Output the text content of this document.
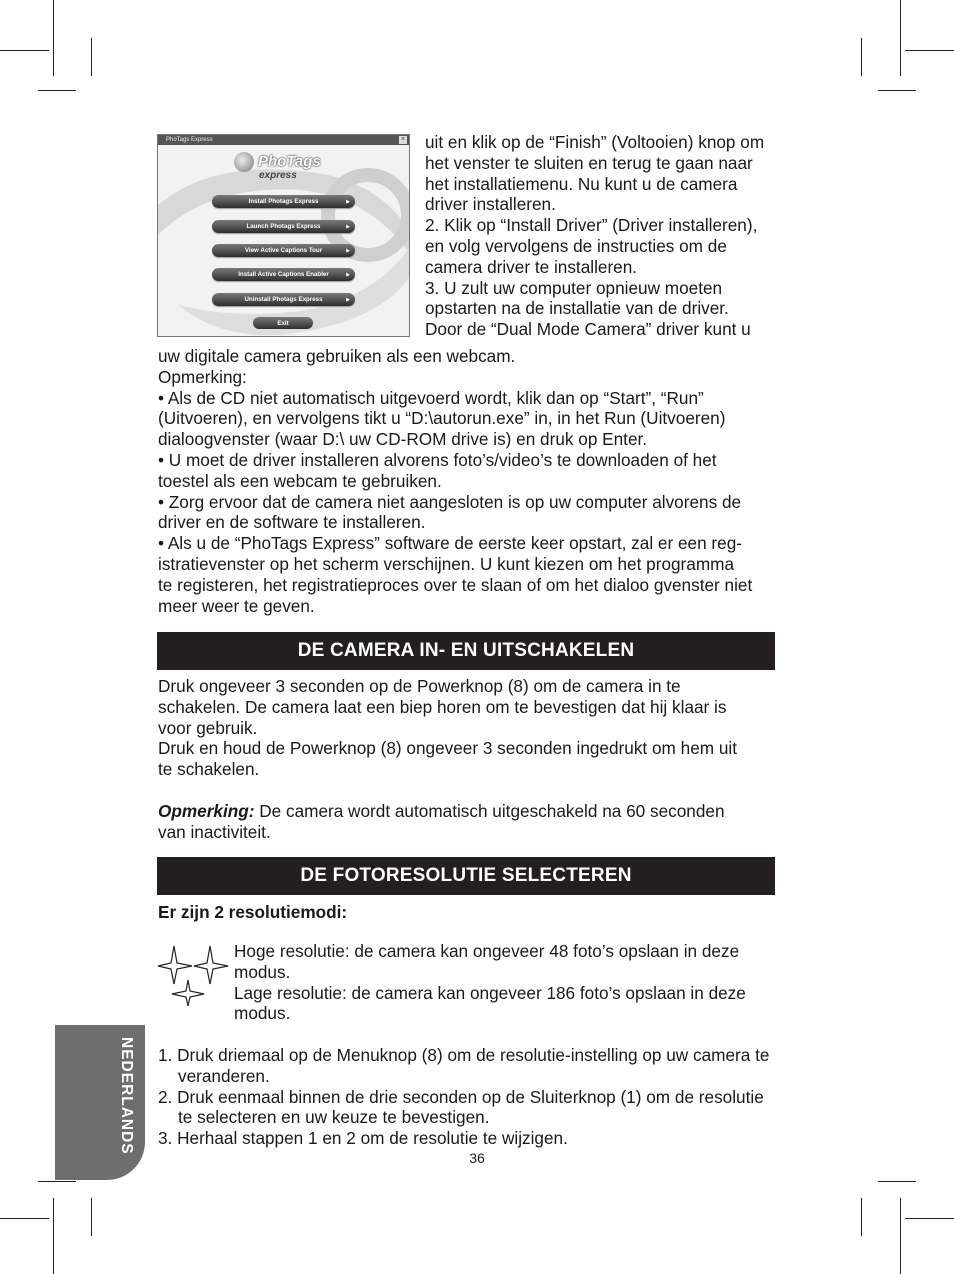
PhoTags Express	×
PhoTags
express
Install Photags Express	▶
Launch Photags Express	▶
View Active Captions Tour	▶
Install Active Captions Enabler	▶
Uninstall Photags Express	▶
Exit

uit en klik op de “Finish” (Voltooien) knop om

het venster te sluiten en terug te gaan naar

het installatiemenu. Nu kunt u de camera

driver installeren.

2. Klik op “Install Driver” (Driver installeren),

en volg vervolgens de instructies om de

camera driver te installeren.

3. U zult uw computer opnieuw moeten

opstarten na de installatie van de driver.

Door de “Dual Mode Camera” driver kunt u

uw digitale camera gebruiken als een webcam.

Opmerking:

• Als de CD niet automatisch uitgevoerd wordt, klik dan op “Start”, “Run”

(Uitvoeren), en vervolgens tikt u “D:\autorun.exe” in, in het Run (Uitvoeren)

dialoogvenster (waar D:\ uw CD-ROM drive is) en druk op Enter.

• U moet de driver installeren alvorens foto’s/video’s te downloaden of het

toestel als een webcam te gebruiken.

• Zorg ervoor dat de camera niet aangesloten is op uw computer alvorens de

driver en de software te installeren.

• Als u de “PhoTags Express” software de eerste keer opstart, zal er een reg-

istratievenster op het scherm verschijnen. U kunt kiezen om het programma

te registeren, het registratieproces over te slaan of om het dialoo gvenster niet

meer weer te geven.

DE CAMERA IN- EN UITSCHAKELEN

Druk ongeveer 3 seconden op de Powerknop (8) om de camera in te

schakelen. De camera laat een biep horen om te bevestigen dat hij klaar is

voor gebruik.

Druk en houd de Powerknop (8) ongeveer 3 seconden ingedrukt om hem uit

te schakelen.

Opmerking: De camera wordt automatisch uitgeschakeld na 60 seconden

van inactiviteit.

DE FOTORESOLUTIE SELECTEREN
Er zijn 2 resolutiemodi:

Hoge resolutie: de camera kan ongeveer 48 foto’s opslaan in deze

modus.

Lage resolutie: de camera kan ongeveer 186 foto’s opslaan in deze

modus.

1. Druk driemaal op de Menuknop (8) om de resolutie-instelling op uw camera te veranderen.

2. Druk eenmaal binnen de drie seconden op de Sluiterknop (1) om de resolutie te selecteren en uw keuze te bevestigen.

3. Herhaal stappen 1 en 2 om de resolutie te wijzigen.

NEDERLANDS
36
